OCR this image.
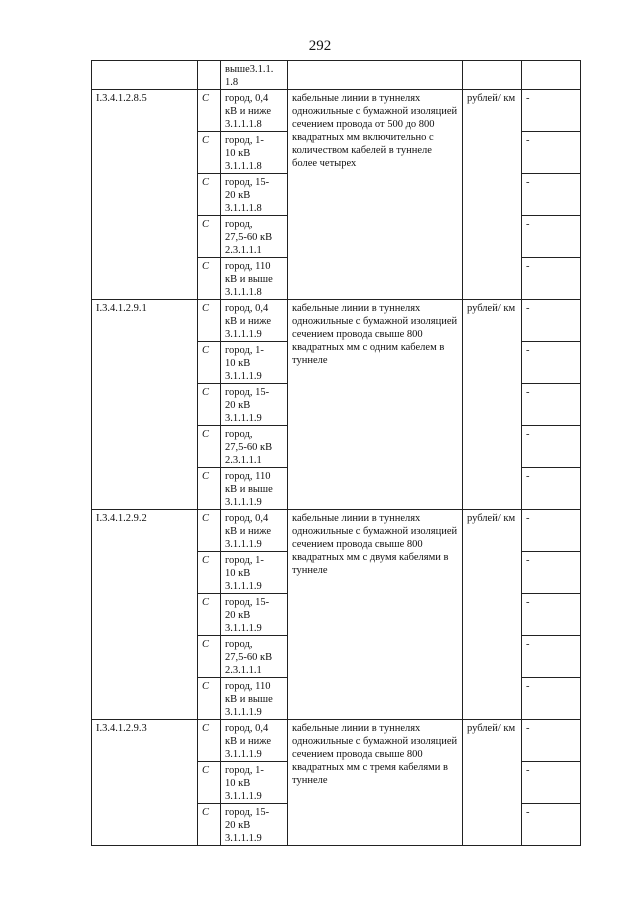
292
		выше3.1.1.
1.8			
I.3.4.1.2.8.5	С	город, 0,4
кВ и ниже
3.1.1.1.8	кабельные линии в туннелях одножильные с бумажной изоляцией сечением провода от 500 до 800 квадратных мм включительно с количеством кабелей в туннеле более четырех	рублей/ км	-
	С	город, 1-
10 кВ
3.1.1.1.8			-
	С	город, 15-
20 кВ
3.1.1.1.8			-
	С	город,
27,5-60 кВ
2.3.1.1.1			-
	С	город, 110
кВ и выше
3.1.1.1.8			-
I.3.4.1.2.9.1	С	город, 0,4
кВ и ниже
3.1.1.1.9	кабельные линии в туннелях одножильные с бумажной изоляцией сечением провода свыше 800 квадратных мм с одним кабелем в туннеле	рублей/ км	-
	С	город, 1-
10 кВ
3.1.1.1.9			-
	С	город, 15-
20 кВ
3.1.1.1.9			-
	С	город,
27,5-60 кВ
2.3.1.1.1			-
	С	город, 110
кВ и выше
3.1.1.1.9			-
I.3.4.1.2.9.2	С	город, 0,4
кВ и ниже
3.1.1.1.9	кабельные линии в туннелях одножильные с бумажной изоляцией сечением провода свыше 800 квадратных мм с двумя кабелями в туннеле	рублей/ км	-
	С	город, 1-
10 кВ
3.1.1.1.9			-
	С	город, 15-
20 кВ
3.1.1.1.9			-
	С	город,
27,5-60 кВ
2.3.1.1.1			-
	С	город, 110
кВ и выше
3.1.1.1.9			-
I.3.4.1.2.9.3	С	город, 0,4
кВ и ниже
3.1.1.1.9	кабельные линии в туннелях одножильные с бумажной изоляцией сечением провода свыше 800 квадратных мм с тремя кабелями в туннеле	рублей/ км	-
	С	город, 1-
10 кВ
3.1.1.1.9			-
	С	город, 15-
20 кВ
3.1.1.1.9			-
